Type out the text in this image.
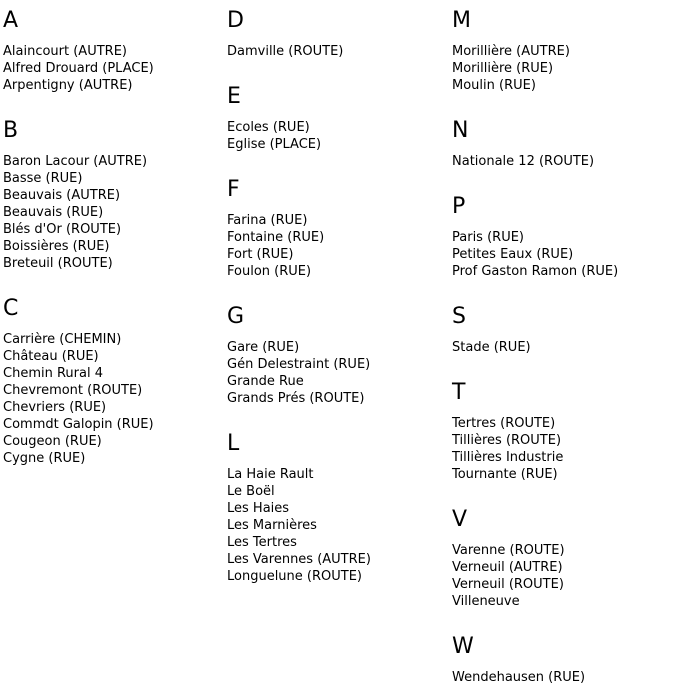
A
Alaincourt (AUTRE)
Alfred Drouard (PLACE)
Arpentigny (AUTRE)
B
Baron Lacour (AUTRE)
Basse (RUE)
Beauvais (AUTRE)
Beauvais (RUE)
Blés d'Or (ROUTE)
Boissières (RUE)
Breteuil (ROUTE)
C
Carrière (CHEMIN)
Château (RUE)
Chemin Rural 4
Chevremont (ROUTE)
Chevriers (RUE)
Commdt Galopin (RUE)
Cougeon (RUE)
Cygne (RUE)
D
Damville (ROUTE)
E
Ecoles (RUE)
Eglise (PLACE)
F
Farina (RUE)
Fontaine (RUE)
Fort (RUE)
Foulon (RUE)
G
Gare (RUE)
Gén Delestraint (RUE)
Grande Rue
Grands Prés (ROUTE)
L
La Haie Rault
Le Boël
Les Haies
Les Marnières
Les Tertres
Les Varennes (AUTRE)
Longuelune (ROUTE)
M
Morillière (AUTRE)
Morillière (RUE)
Moulin (RUE)
N
Nationale 12 (ROUTE)
P
Paris (RUE)
Petites Eaux (RUE)
Prof Gaston Ramon (RUE)
S
Stade (RUE)
T
Tertres (ROUTE)
Tillières (ROUTE)
Tillières Industrie
Tournante (RUE)
V
Varenne (ROUTE)
Verneuil (AUTRE)
Verneuil (ROUTE)
Villeneuve
W
Wendehausen (RUE)
